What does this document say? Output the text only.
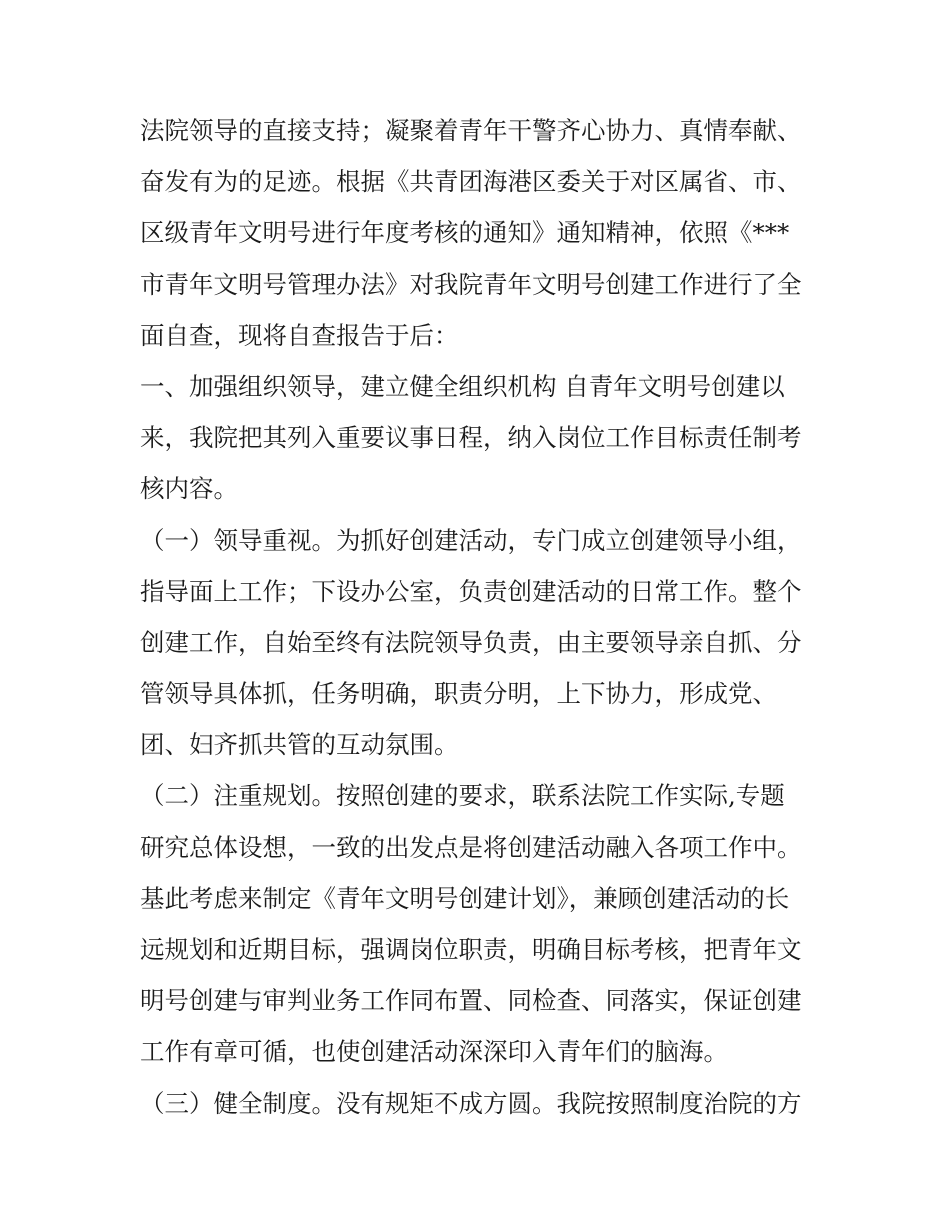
法院领导的直接支持；凝聚着青年干警齐心协力、真情奉献、
奋发有为的足迹。根据《共青团海港区委关于对区属省、市、
区级青年文明号进行年度考核的通知》通知精神，依照《***
市青年文明号管理办法》对我院青年文明号创建工作进行了全
面自查，现将自查报告于后：
一、加强组织领导，建立健全组织机构 自青年文明号创建以
来，我院把其列入重要议事日程，纳入岗位工作目标责任制考
核内容。
（一）领导重视。为抓好创建活动，专门成立创建领导小组，
指导面上工作；下设办公室，负责创建活动的日常工作。整个
创建工作，自始至终有法院领导负责，由主要领导亲自抓、分
管领导具体抓，任务明确，职责分明，上下协力，形成党、
团、妇齐抓共管的互动氛围。
（二）注重规划。按照创建的要求，联系法院工作实际,专题
研究总体设想，一致的出发点是将创建活动融入各项工作中。
基此考虑来制定《青年文明号创建计划》，兼顾创建活动的长
远规划和近期目标，强调岗位职责，明确目标考核，把青年文
明号创建与审判业务工作同布置、同检查、同落实，保证创建
工作有章可循，也使创建活动深深印入青年们的脑海。
（三）健全制度。没有规矩不成方圆。我院按照制度治院的方
